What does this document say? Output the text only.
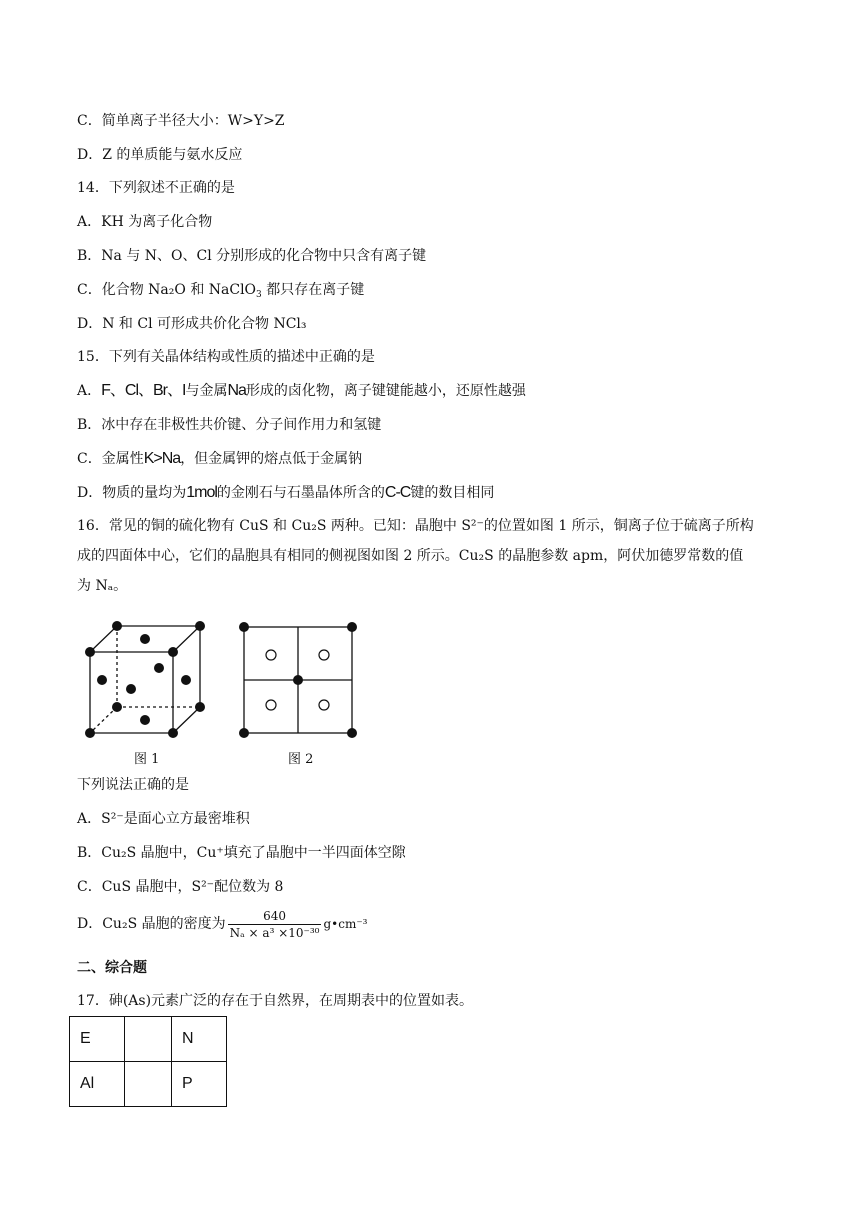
C．简单离子半径大小：W>Y>Z
D．Z 的单质能与氨水反应
14．下列叙述不正确的是
A．KH 为离子化合物
B．Na 与 N、O、Cl 分别形成的化合物中只含有离子键
C．化合物 Na₂O 和 NaClO$_3$ 都只存在离子键
D．N 和 Cl 可形成共价化合物 NCl₃
15．下列有关晶体结构或性质的描述中正确的是
A．F、Cl、Br、I与金属Na形成的卤化物，离子键键能越小，还原性越强
B．冰中存在非极性共价键、分子间作用力和氢键
C．金属性K>Na，但金属钾的熔点低于金属钠
D．物质的量均为1mol的金刚石与石墨晶体所含的C-C键的数目相同
16．常见的铜的硫化物有 CuS 和 Cu₂S 两种。已知：晶胞中 S²⁻的位置如图 1 所示，铜离子位于硫离子所构
成的四面体中心，它们的晶胞具有相同的侧视图如图 2 所示。Cu₂S 的晶胞参数 apm，阿伏加德罗常数的值
为 Nₐ。
图 1	图 2
下列说法正确的是
A．S²⁻是面心立方最密堆积
B．Cu₂S 晶胞中，Cu⁺填充了晶胞中一半四面体空隙
C．CuS 晶胞中，S²⁻配位数为 8
D．Cu₂S 晶胞的密度为 $\frac{640}{\text{Nₐ × a³ ×10⁻³⁰}}$ g•cm⁻³
二、综合题
17．砷(As)元素广泛的存在于自然界，在周期表中的位置如表。
E		N
Al		P
